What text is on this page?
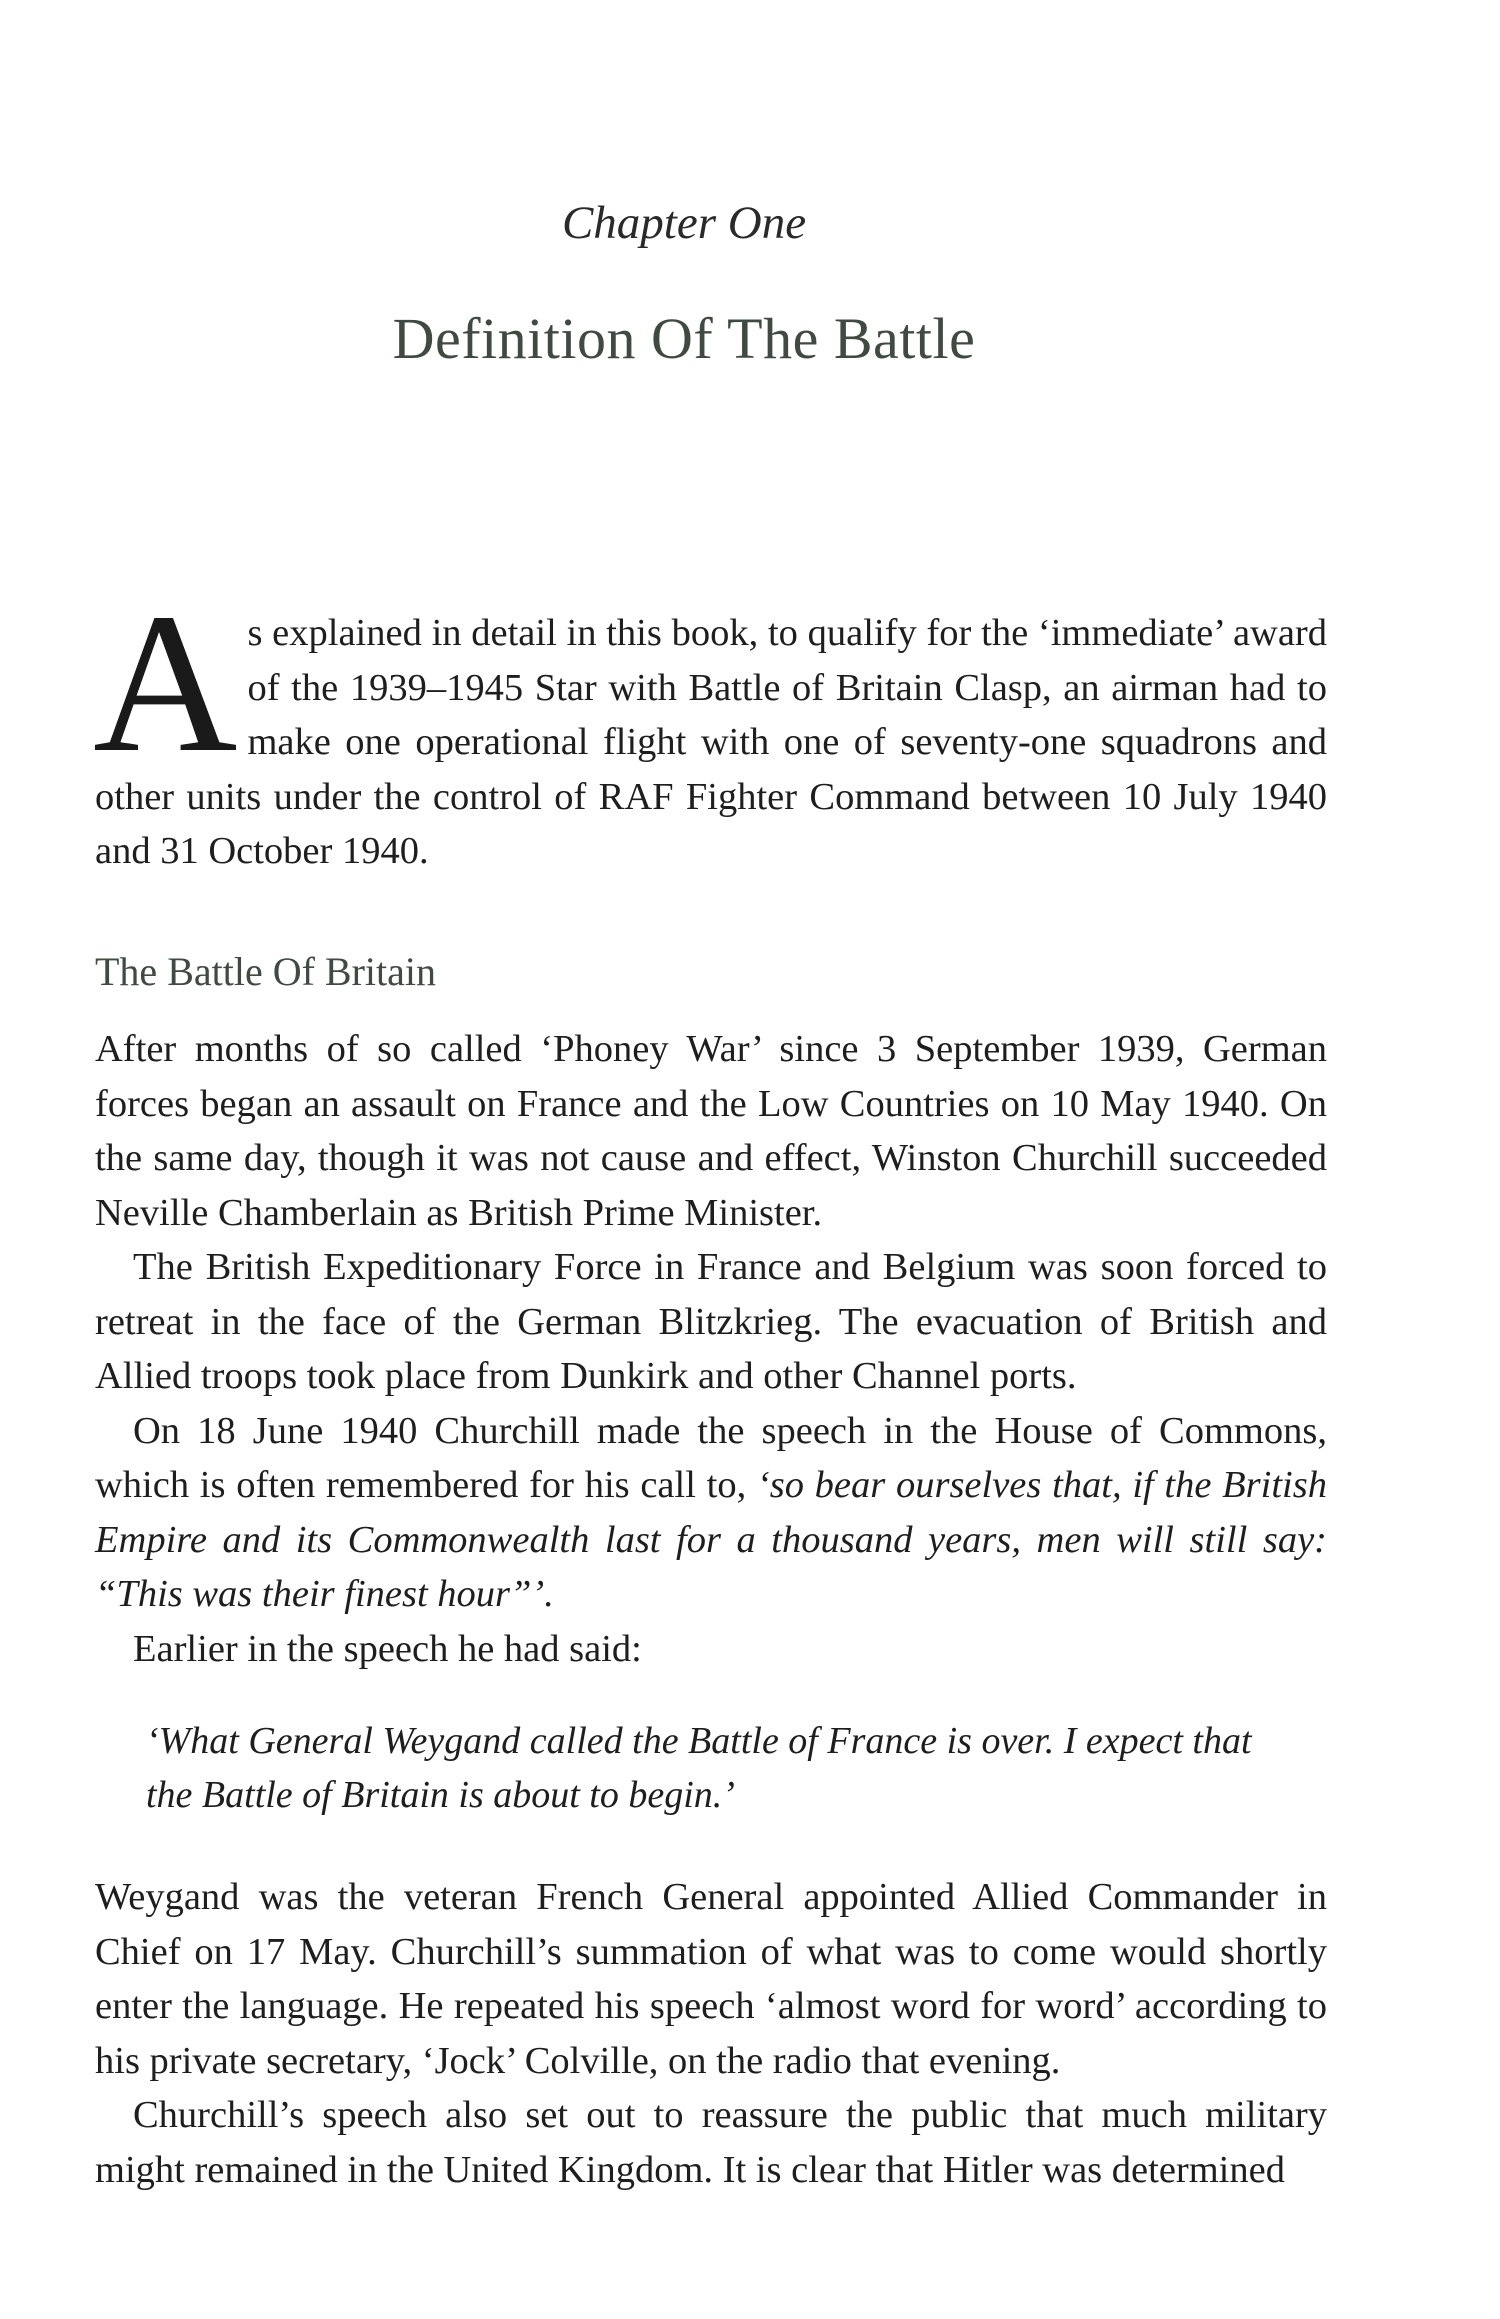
Chapter One
Definition Of The Battle

As explained in detail in this book, to qualify for the ‘immediate’ award of the 1939–1945 Star with Battle of Britain Clasp, an airman had to make one operational flight with one of seventy-one squadrons and other units under the control of RAF Fighter Command between 10 July 1940 and 31 October 1940.

The Battle Of Britain

After months of so called ‘Phoney War’ since 3 September 1939, German forces began an assault on France and the Low Countries on 10 May 1940. On the same day, though it was not cause and effect, Winston Churchill succeeded Neville Chamberlain as British Prime Minister.

The British Expeditionary Force in France and Belgium was soon forced to retreat in the face of the German Blitzkrieg. The evacuation of British and Allied troops took place from Dunkirk and other Channel ports.

On 18 June 1940 Churchill made the speech in the House of Commons, which is often remembered for his call to, ‘so bear ourselves that, if the British Empire and its Commonwealth last for a thousand years, men will still say: “This was their finest hour”’.

Earlier in the speech he had said:

‘What General Weygand called the Battle of France is over. I expect that the Battle of Britain is about to begin.’

Weygand was the veteran French General appointed Allied Commander in Chief on 17 May. Churchill’s summation of what was to come would shortly enter the language. He repeated his speech ‘almost word for word’ according to his private secretary, ‘Jock’ Colville, on the radio that evening.

Churchill’s speech also set out to reassure the public that much military might remained in the United Kingdom. It is clear that Hitler was determined
